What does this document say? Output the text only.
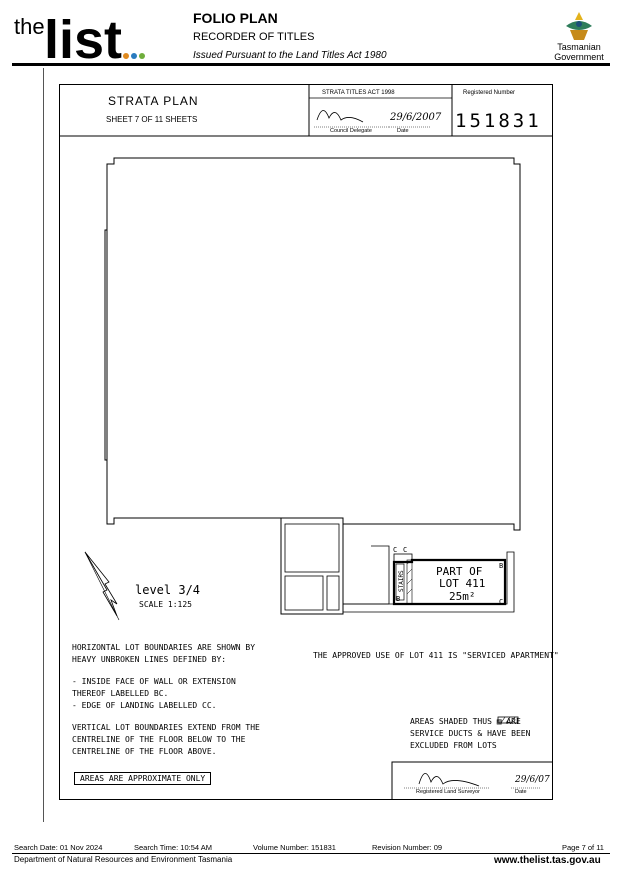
the list	FOLIO PLAN
RECORDER OF TITLES
Issued Pursuant to the Land Titles Act 1980
Tasmanian
Government
STRATA PLAN
SHEET 7 OF 11 SHEETS
STRATA TITLES ACT 1998	Registered Number
151831
Council Delegate	Date
29/6/2007
level 3/4
SCALE 1:125
PART OF
LOT 411
25m²
STAIRS
C C
B
B	C
HORIZONTAL LOT BOUNDARIES ARE SHOWN BY
HEAVY UNBROKEN LINES DEFINED BY:
- INSIDE FACE OF WALL OR EXTENSION
THEREOF LABELLED BC.
- EDGE OF LANDING LABELLED CC.
VERTICAL LOT BOUNDARIES EXTEND FROM THE
CENTRELINE OF THE FLOOR BELOW TO THE
CENTRELINE OF THE FLOOR ABOVE.
THE APPROVED USE OF LOT 411 IS "SERVICED APARTMENT"
AREAS SHADED THUS ▨ ARE
SERVICE DUCTS & HAVE BEEN
EXCLUDED FROM LOTS
AREAS ARE APPROXIMATE ONLY
Registered Land Surveyor	Date
29/6/07
Search Date: 01 Nov 2024	Search Time: 10:54 AM	Volume Number: 151831	Revision Number: 09	Page 7 of 11
Department of Natural Resources and Environment Tasmania	www.thelist.tas.gov.au
